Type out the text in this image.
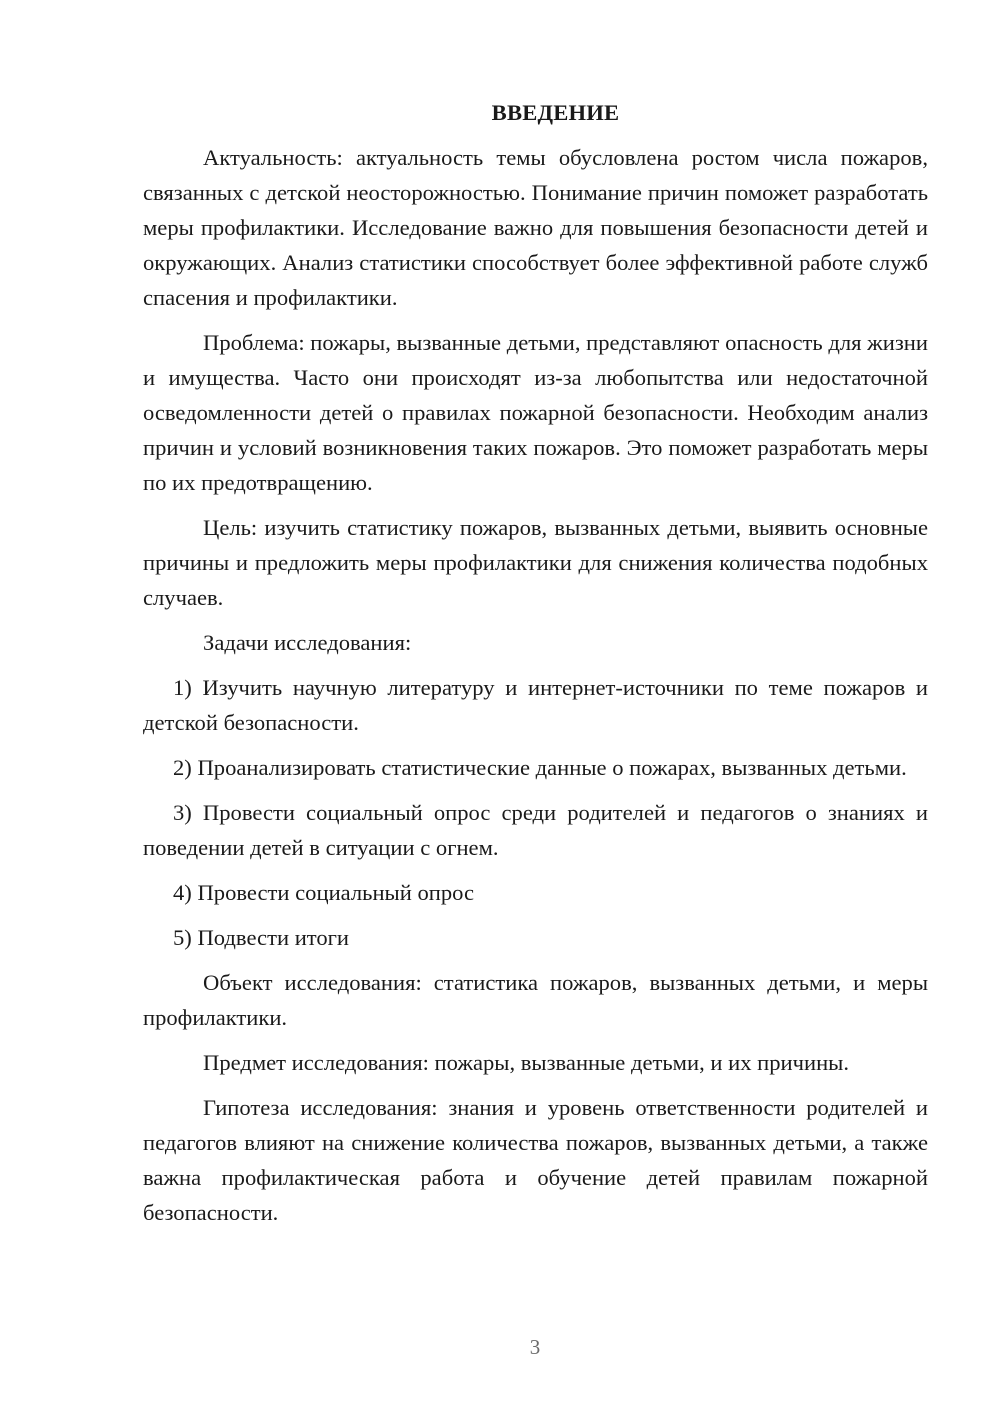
ВВЕДЕНИЕ

Актуальность: актуальность темы обусловлена ростом числа пожаров, связанных с детской неосторожностью. Понимание причин поможет разработать меры профилактики. Исследование важно для повышения безопасности детей и окружающих. Анализ статистики способствует более эффективной работе служб спасения и профилактики.

Проблема: пожары, вызванные детьми, представляют опасность для жизни и имущества. Часто они происходят из-за любопытства или недостаточной осведомленности детей о правилах пожарной безопасности. Необходим анализ причин и условий возникновения таких пожаров. Это поможет разработать меры по их предотвращению.

Цель: изучить статистику пожаров, вызванных детьми, выявить основные причины и предложить меры профилактики для снижения количества подобных случаев.

Задачи исследования:

1) Изучить научную литературу и интернет-источники по теме пожаров и детской безопасности.

2) Проанализировать статистические данные о пожарах, вызванных детьми.

3) Провести социальный опрос среди родителей и педагогов о знаниях и поведении детей в ситуации с огнем.

4) Провести социальный опрос

5) Подвести итоги

Объект исследования: статистика пожаров, вызванных детьми, и меры профилактики.

Предмет исследования: пожары, вызванные детьми, и их причины.

Гипотеза исследования: знания и уровень ответственности родителей и педагогов влияют на снижение количества пожаров, вызванных детьми, а также важна профилактическая работа и обучение детей правилам пожарной безопасности.

3
